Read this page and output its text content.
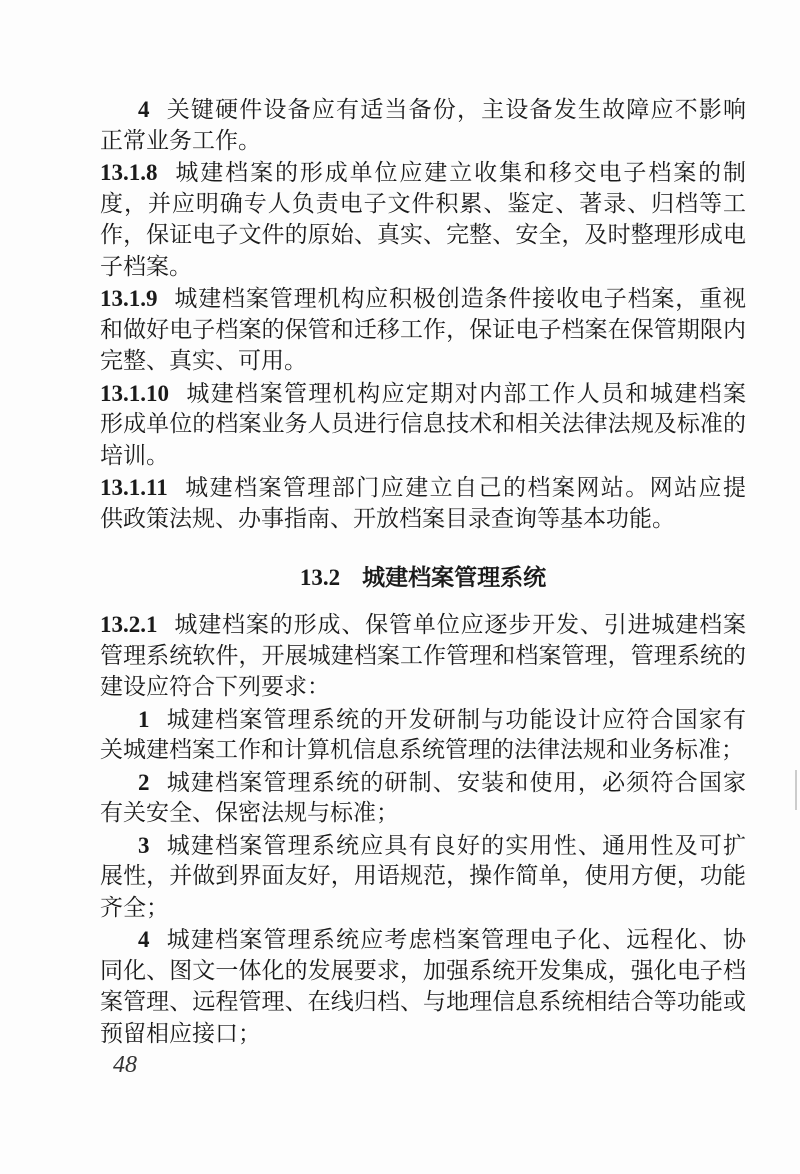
4 关键硬件设备应有适当备份，主设备发生故障应不影响
正常业务工作。
13.1.8 城建档案的形成单位应建立收集和移交电子档案的制
度，并应明确专人负责电子文件积累、鉴定、著录、归档等工
作，保证电子文件的原始、真实、完整、安全，及时整理形成电
子档案。
13.1.9 城建档案管理机构应积极创造条件接收电子档案，重视
和做好电子档案的保管和迁移工作，保证电子档案在保管期限内
完整、真实、可用。
13.1.10 城建档案管理机构应定期对内部工作人员和城建档案
形成单位的档案业务人员进行信息技术和相关法律法规及标准的
培训。
13.1.11 城建档案管理部门应建立自己的档案网站。网站应提
供政策法规、办事指南、开放档案目录查询等基本功能。
13.2 城建档案管理系统
13.2.1 城建档案的形成、保管单位应逐步开发、引进城建档案
管理系统软件，开展城建档案工作管理和档案管理，管理系统的
建设应符合下列要求：
1 城建档案管理系统的开发研制与功能设计应符合国家有
关城建档案工作和计算机信息系统管理的法律法规和业务标准；
2 城建档案管理系统的研制、安装和使用，必须符合国家
有关安全、保密法规与标准；
3 城建档案管理系统应具有良好的实用性、通用性及可扩
展性，并做到界面友好，用语规范，操作简单，使用方便，功能
齐全；
4 城建档案管理系统应考虑档案管理电子化、远程化、协
同化、图文一体化的发展要求，加强系统开发集成，强化电子档
案管理、远程管理、在线归档、与地理信息系统相结合等功能或
预留相应接口；
48
